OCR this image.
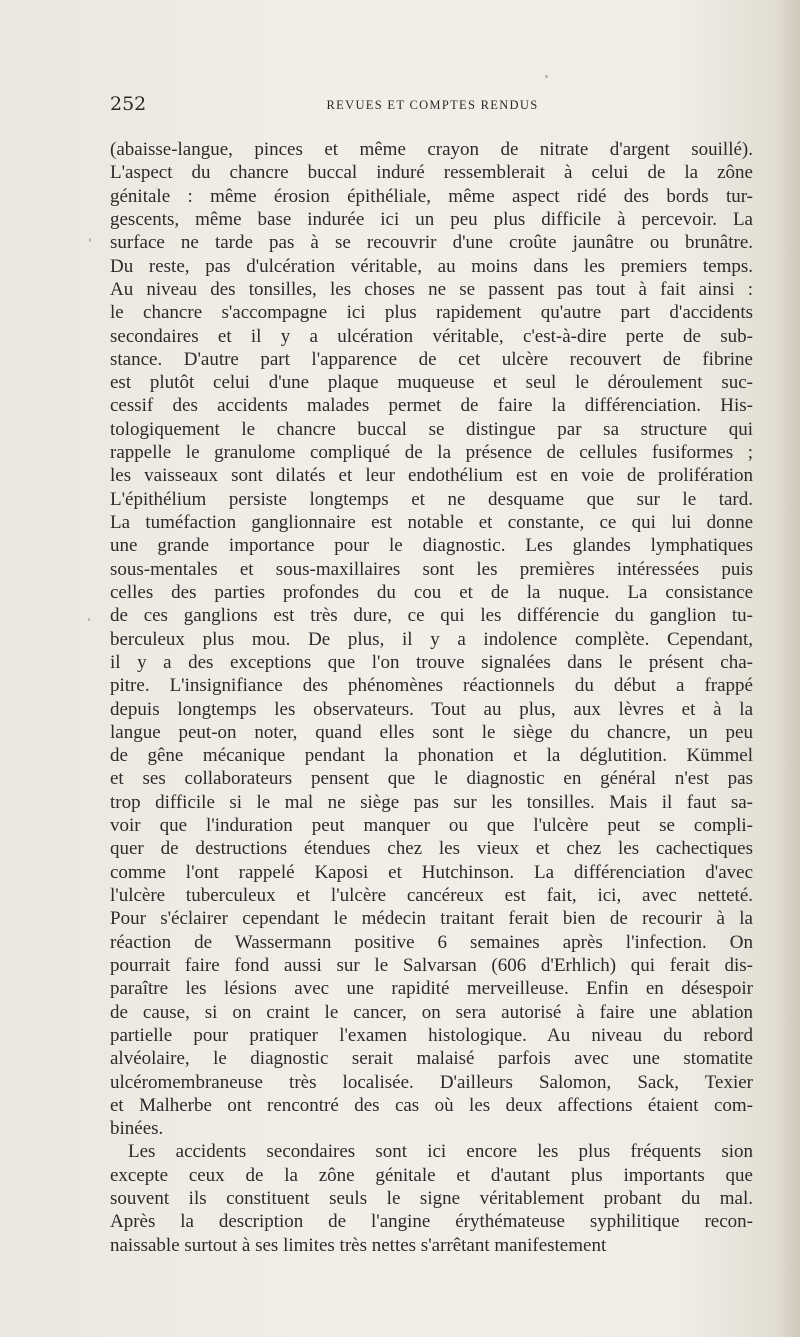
252	REVUES ET COMPTES RENDUS
(abaisse-langue, pinces et même crayon de nitrate d'argent souillé).
L'aspect du chancre buccal induré ressemblerait à celui de la zône
génitale : même érosion épithéliale, même aspect ridé des bords tur-
gescents, même base indurée ici un peu plus difficile à percevoir. La
surface ne tarde pas à se recouvrir d'une croûte jaunâtre ou brunâtre.
Du reste, pas d'ulcération véritable, au moins dans les premiers temps.
Au niveau des tonsilles, les choses ne se passent pas tout à fait ainsi :
le chancre s'accompagne ici plus rapidement qu'autre part d'accidents
secondaires et il y a ulcération véritable, c'est-à-dire perte de sub-
stance. D'autre part l'apparence de cet ulcère recouvert de fibrine
est plutôt celui d'une plaque muqueuse et seul le déroulement suc-
cessif des accidents malades permet de faire la différenciation. His-
tologiquement le chancre buccal se distingue par sa structure qui
rappelle le granulome compliqué de la présence de cellules fusiformes ;
les vaisseaux sont dilatés et leur endothélium est en voie de prolifération
L'épithélium persiste longtemps et ne desquame que sur le tard.
La tuméfaction ganglionnaire est notable et constante, ce qui lui donne
une grande importance pour le diagnostic. Les glandes lymphatiques
sous-mentales et sous-maxillaires sont les premières intéressées puis
celles des parties profondes du cou et de la nuque. La consistance
de ces ganglions est très dure, ce qui les différencie du ganglion tu-
berculeux plus mou. De plus, il y a indolence complète. Cependant,
il y a des exceptions que l'on trouve signalées dans le présent cha-
pitre. L'insignifiance des phénomènes réactionnels du début a frappé
depuis longtemps les observateurs. Tout au plus, aux lèvres et à la
langue peut-on noter, quand elles sont le siège du chancre, un peu
de gêne mécanique pendant la phonation et la déglutition. Kümmel
et ses collaborateurs pensent que le diagnostic en général n'est pas
trop difficile si le mal ne siège pas sur les tonsilles. Mais il faut sa-
voir que l'induration peut manquer ou que l'ulcère peut se compli-
quer de destructions étendues chez les vieux et chez les cachectiques
comme l'ont rappelé Kaposi et Hutchinson. La différenciation d'avec
l'ulcère tuberculeux et l'ulcère cancéreux est fait, ici, avec netteté.
Pour s'éclairer cependant le médecin traitant ferait bien de recourir à la
réaction de Wassermann positive 6 semaines après l'infection. On
pourrait faire fond aussi sur le Salvarsan (606 d'Erhlich) qui ferait dis-
paraître les lésions avec une rapidité merveilleuse. Enfin en désespoir
de cause, si on craint le cancer, on sera autorisé à faire une ablation
partielle pour pratiquer l'examen histologique. Au niveau du rebord
alvéolaire, le diagnostic serait malaisé parfois avec une stomatite
ulcéromembraneuse très localisée. D'ailleurs Salomon, Sack, Texier
et Malherbe ont rencontré des cas où les deux affections étaient com-
binées.
Les accidents secondaires sont ici encore les plus fréquents sion
excepte ceux de la zône génitale et d'autant plus importants que
souvent ils constituent seuls le signe véritablement probant du mal.
Après la description de l'angine érythémateuse syphilitique recon-
naissable surtout à ses limites très nettes s'arrêtant manifestement
